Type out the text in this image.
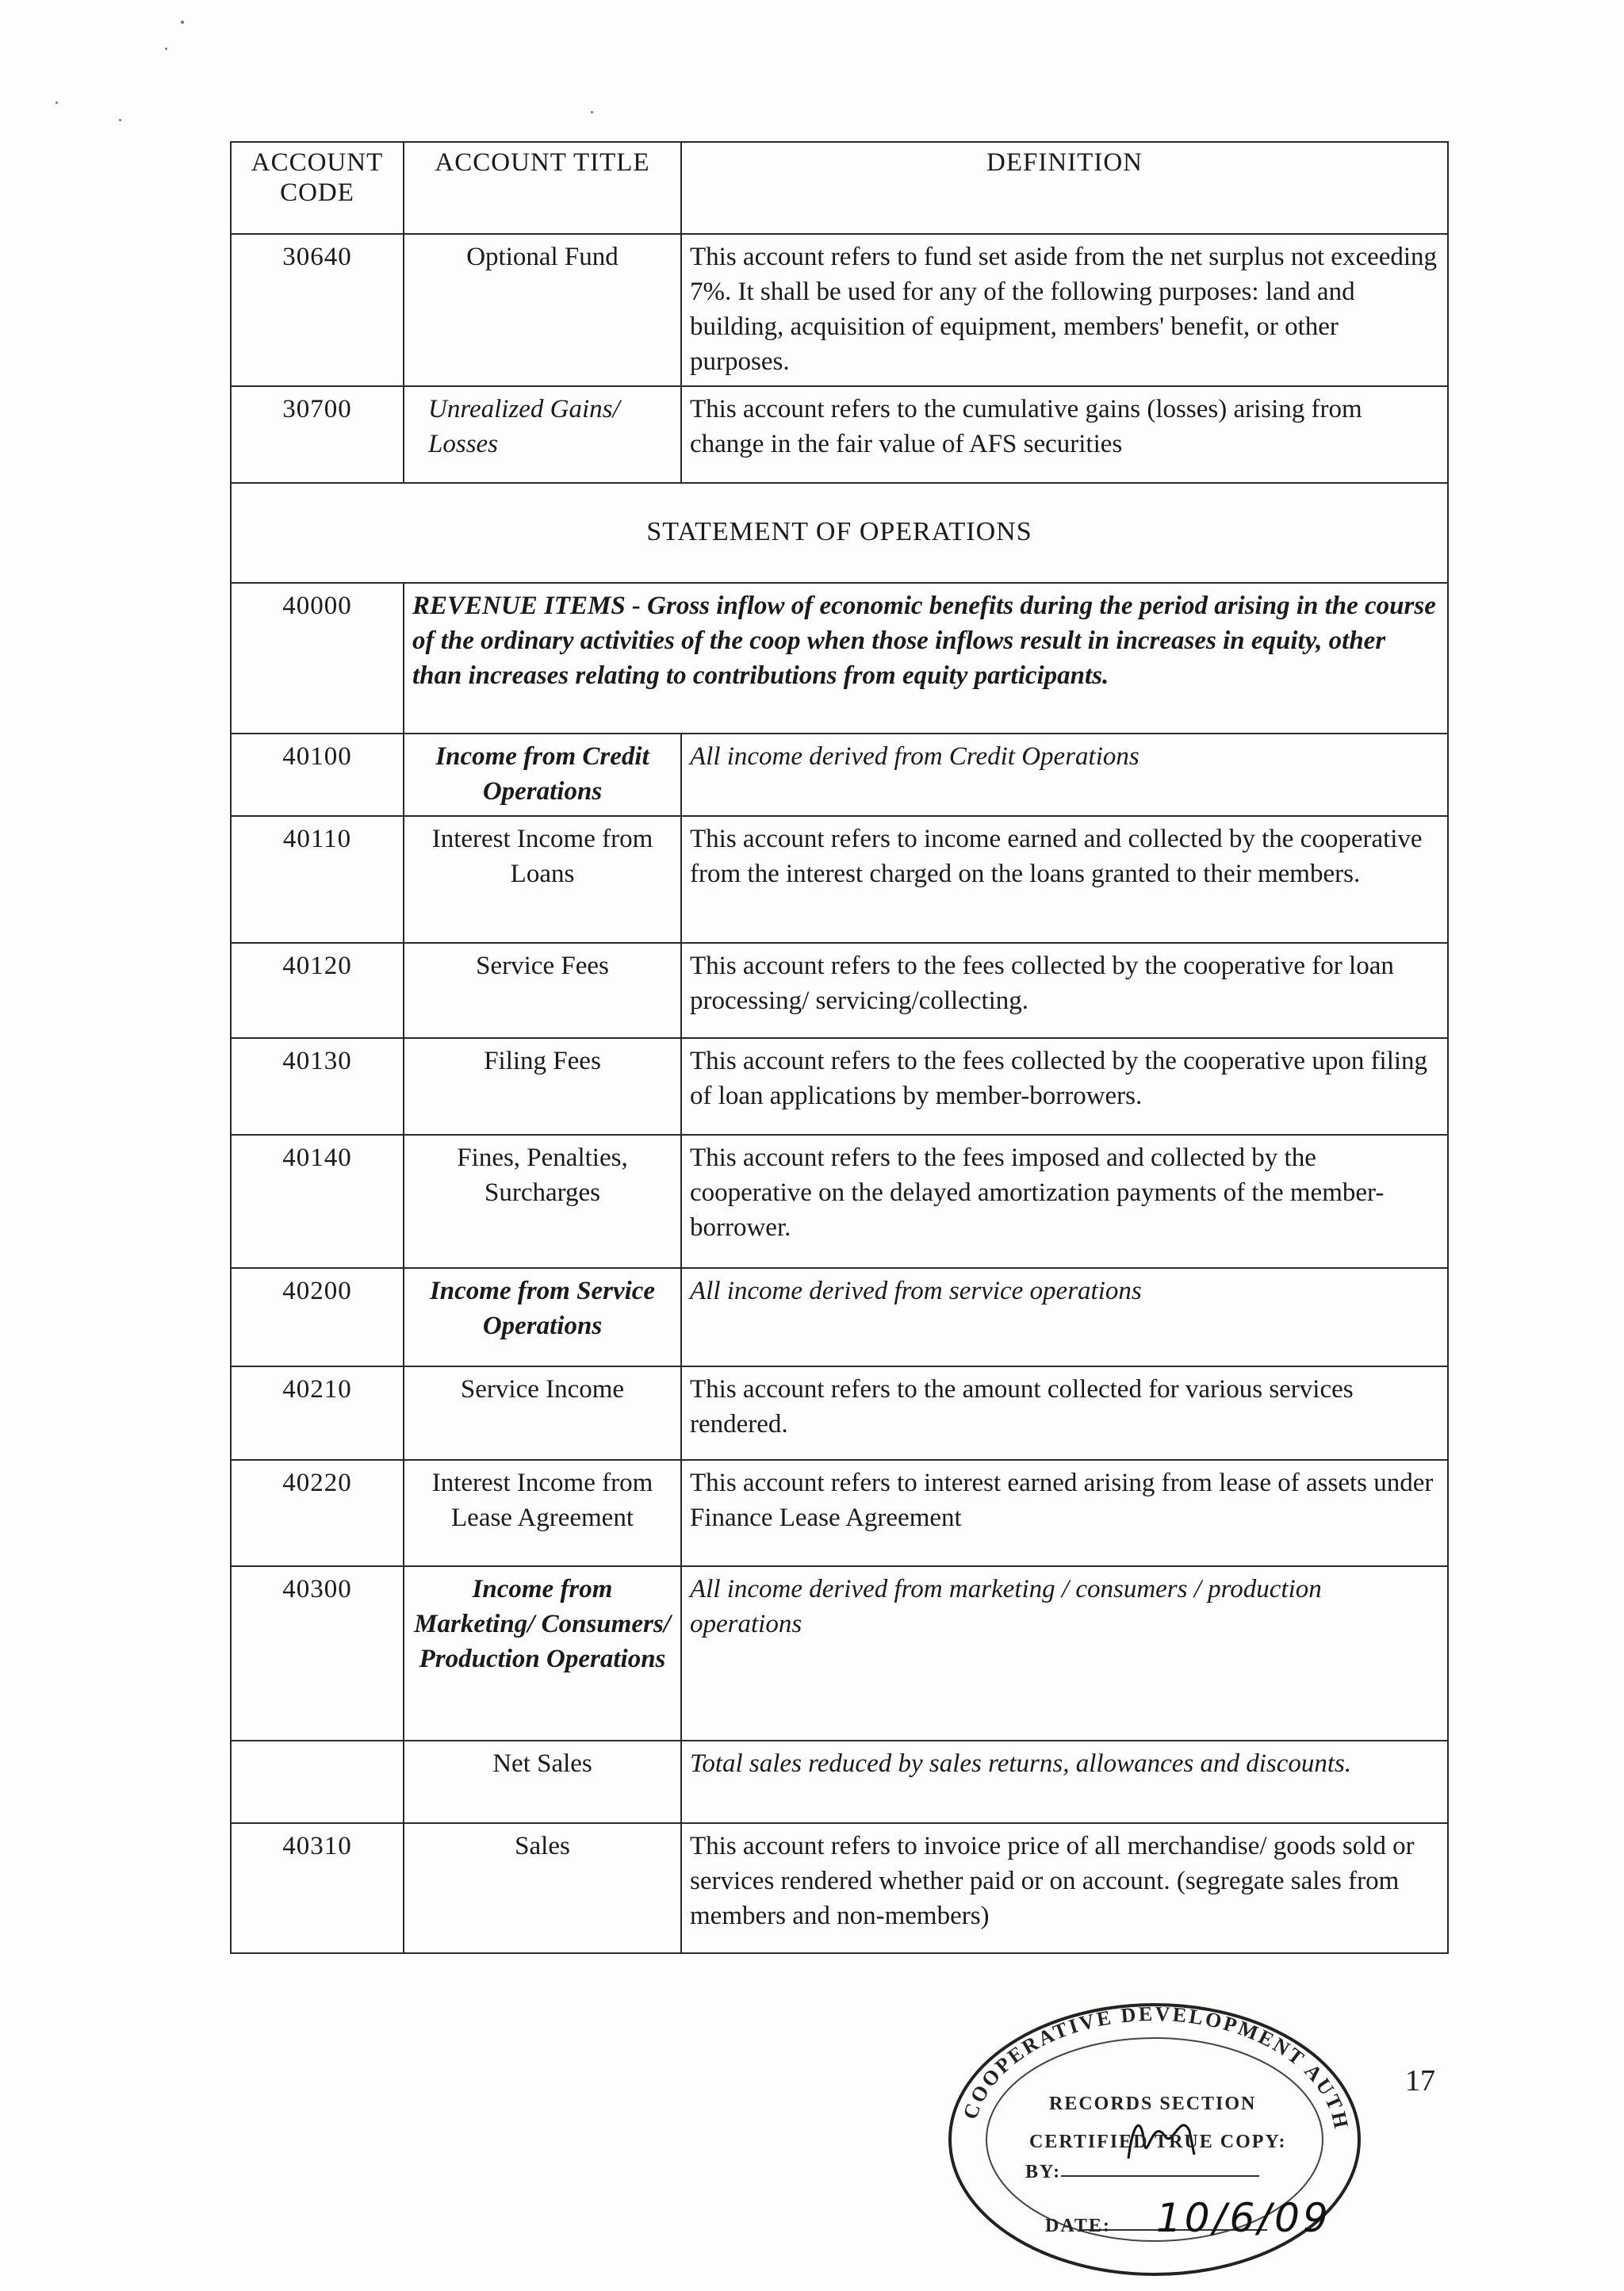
ACCOUNT CODE	ACCOUNT TITLE	DEFINITION

30640	Optional Fund	This account refers to fund set aside from the net surplus not exceeding 7%. It shall be used for any of the following purposes: land and building, acquisition of equipment, members' benefit, or other purposes.
30700	Unrealized Gains/ Losses	This account refers to the cumulative gains (losses) arising from change in the fair value of AFS securities
STATEMENT OF OPERATIONS		
40000	REVENUE ITEMS - Gross inflow of economic benefits during the period arising in the course of the ordinary activities of the coop when those inflows result in increases in equity, other than increases relating to contributions from equity participants.	
40100	Income from Credit Operations	All income derived from Credit Operations
40110	Interest Income from Loans	This account refers to income earned and collected by the cooperative from the interest charged on the loans granted to their members.
40120	Service Fees	This account refers to the fees collected by the cooperative for loan processing/ servicing/collecting.
40130	Filing Fees	This account refers to the fees collected by the cooperative upon filing of loan applications by member-borrowers.
40140	Fines, Penalties, Surcharges	This account refers to the fees imposed and collected by the cooperative on the delayed amortization payments of the member-borrower.
40200	Income from Service Operations	All income derived from service operations
40210	Service Income	This account refers to the amount collected for various services rendered.
40220	Interest Income from Lease Agreement	This account refers to interest earned arising from lease of assets under Finance Lease Agreement
40300	Income from Marketing/ Consumers/ Production Operations	All income derived from marketing / consumers / production operations
	Net Sales	Total sales reduced by sales returns, allowances and discounts.
40310	Sales	This account refers to invoice price of all merchandise/ goods sold or services rendered whether paid or on account. (segregate sales from members and non-members)
COOPERATIVE DEVELOPMENT AUTH
RECORDS SECTION
CERTIFIED TRUE COPY:
BY:
DATE: 10/6/09
17
